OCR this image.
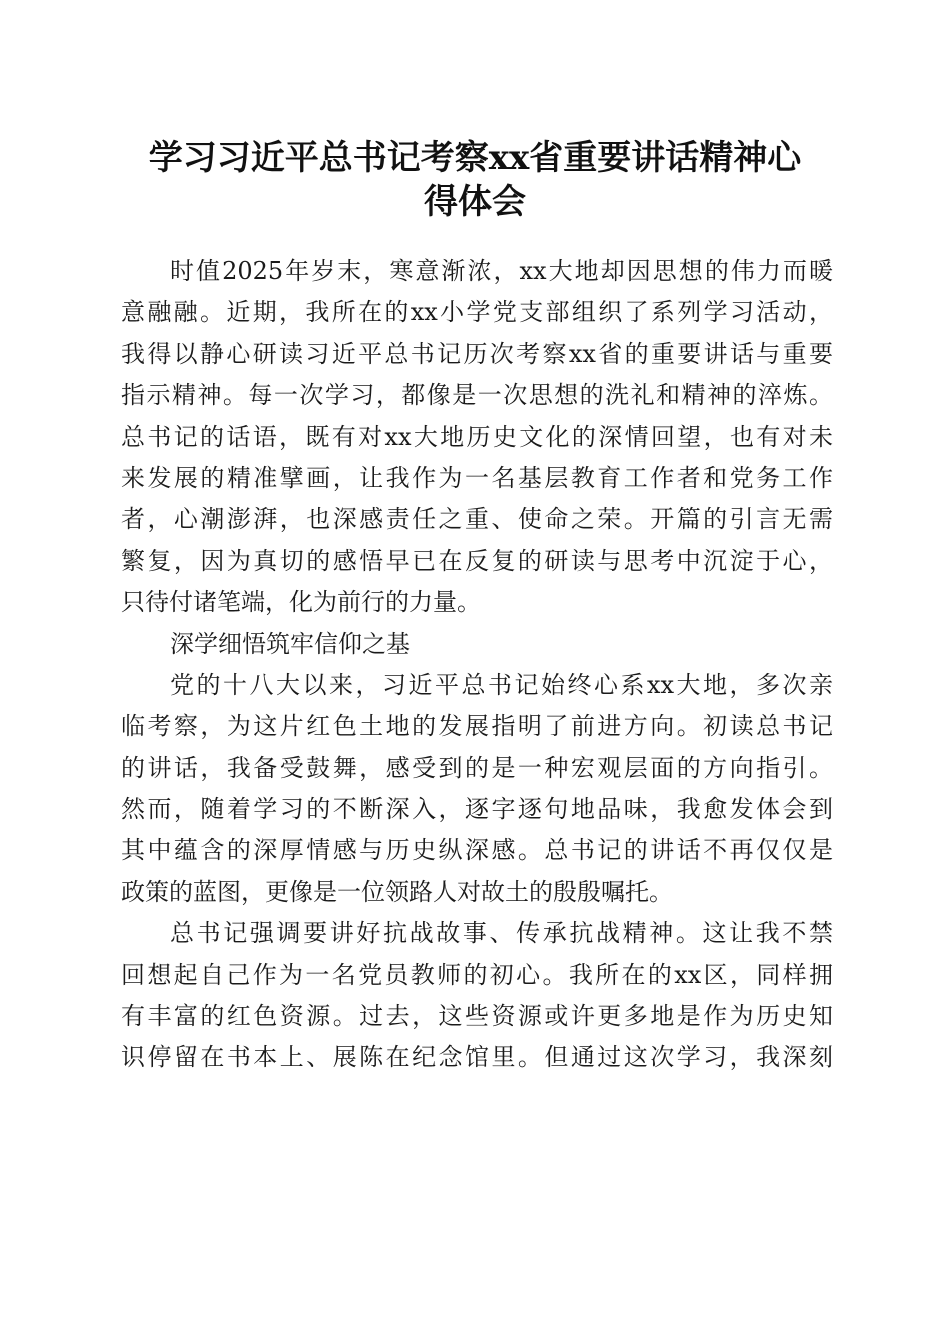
学习习近平总书记考察xx省重要讲话精神心
得体会
时值2025年岁末，寒意渐浓，xx大地却因思想的伟力而暖
意融融。近期，我所在的xx小学党支部组织了系列学习活动，
我得以静心研读习近平总书记历次考察xx省的重要讲话与重要
指示精神。每一次学习，都像是一次思想的洗礼和精神的淬炼。
总书记的话语，既有对xx大地历史文化的深情回望，也有对未
来发展的精准擘画，让我作为一名基层教育工作者和党务工作
者，心潮澎湃，也深感责任之重、使命之荣。开篇的引言无需
繁复，因为真切的感悟早已在反复的研读与思考中沉淀于心，
只待付诸笔端，化为前行的力量。
深学细悟筑牢信仰之基
党的十八大以来，习近平总书记始终心系xx大地，多次亲
临考察，为这片红色土地的发展指明了前进方向。初读总书记
的讲话，我备受鼓舞，感受到的是一种宏观层面的方向指引。
然而，随着学习的不断深入，逐字逐句地品味，我愈发体会到
其中蕴含的深厚情感与历史纵深感。总书记的讲话不再仅仅是
政策的蓝图，更像是一位领路人对故土的殷殷嘱托。
总书记强调要讲好抗战故事、传承抗战精神。这让我不禁
回想起自己作为一名党员教师的初心。我所在的xx区，同样拥
有丰富的红色资源。过去，这些资源或许更多地是作为历史知
识停留在书本上、展陈在纪念馆里。但通过这次学习，我深刻
